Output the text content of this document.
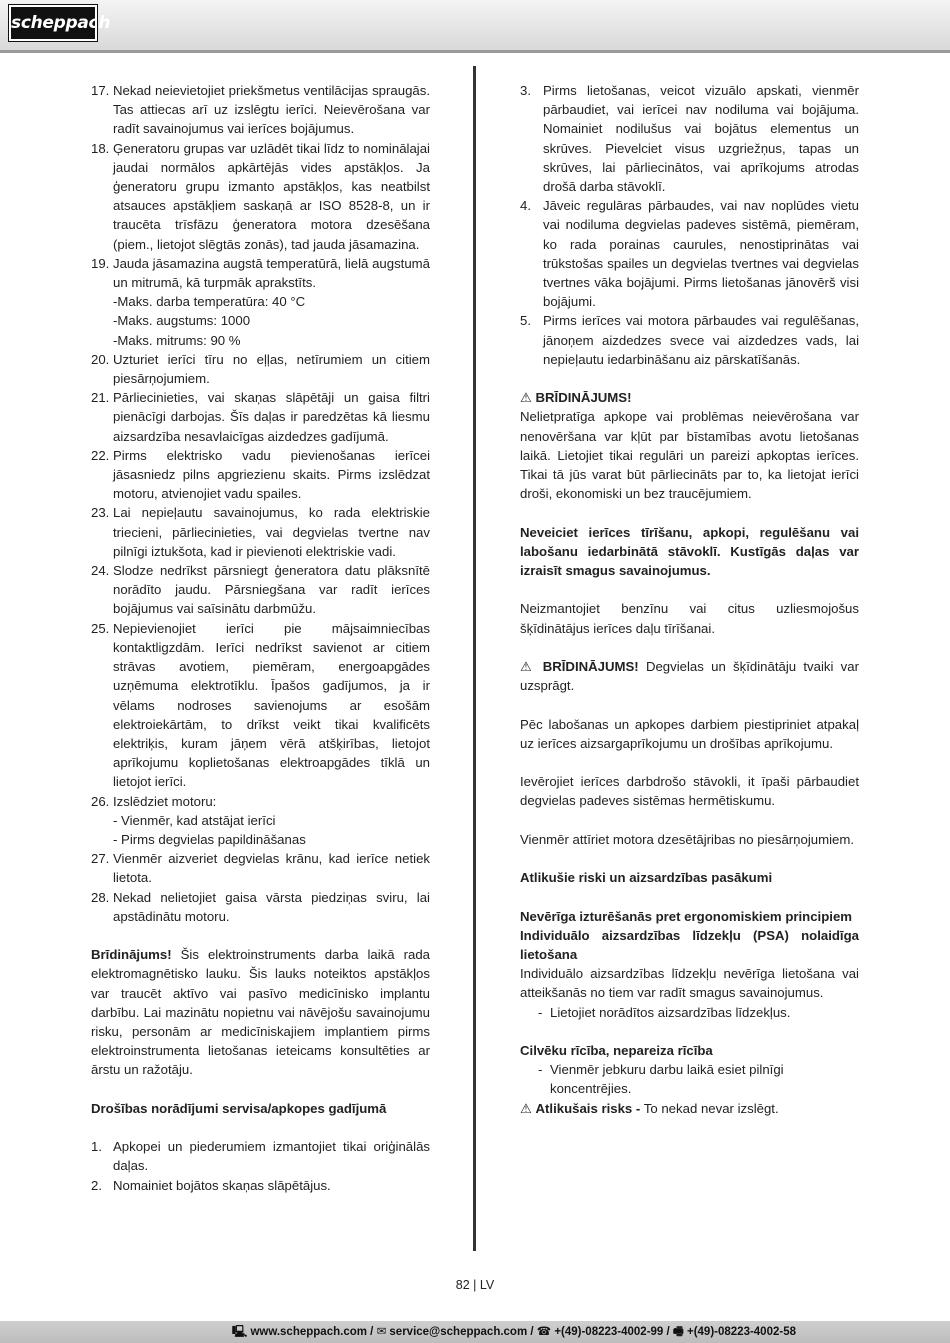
scheppach
17. Nekad neievietojiet priekšmetus ventilācijas spraugās. Tas attiecas arī uz izslēgtu ierīci. Neievērošana var radīt savainojumus vai ierīces bojājumus.
18. Ģeneratoru grupas var uzlādēt tikai līdz to nominālajai jaudai normālos apkārtējās vides apstākļos. Ja ģeneratoru grupu izmanto apstākļos, kas neatbilst atsauces apstākļiem saskaņā ar ISO 8528-8, un ir traucēta trīsfāzu ģeneratora motora dzesēšana (piem., lietojot slēgtās zonās), tad jauda jāsamazina.
19. Jauda jāsamazina augstā temperatūrā, lielā augstumā un mitrumā, kā turpmāk aprakstīts.
-Maks. darba temperatūra: 40 °C
-Maks. augstums: 1000
-Maks. mitrums: 90 %
20. Uzturiet ierīci tīru no eļļas, netīrumiem un citiem piesārņojumiem.
21. Pārliecinieties, vai skaņas slāpētāji un gaisa filtri pienācīgi darbojas. Šīs daļas ir paredzētas kā liesmu aizsardzība nesavlaicīgas aizdedzes gadījumā.
22. Pirms elektrisko vadu pievienošanas ierīcei jāsasniedz pilns apgriezienu skaits. Pirms izslēdzat motoru, atvienojiet vadu spailes.
23. Lai nepieļautu savainojumus, ko rada elektriskie triecieni, pārliecinieties, vai degvielas tvertne nav pilnīgi iztukšota, kad ir pievienoti elektriskie vadi.
24. Slodze nedrīkst pārsniegt ģeneratora datu plāksnītē norādīto jaudu. Pārsniegšana var radīt ierīces bojājumus vai saīsinātu darbmūžu.
25. Nepievienojiet ierīci pie mājsaimniecības kontaktligzdām. Ierīci nedrīkst savienot ar citiem strāvas avotiem, piemēram, energoapgādes uzņēmuma elektrotīklu. Īpašos gadījumos, ja ir vēlams nodroses savienojums ar esošām elektroiekārtām, to drīkst veikt tikai kvalificēts elektriķis, kuram jāņem vērā atšķirības, lietojot aprīkojumu koplietošanas elektroapgādes tīklā un lietojot ierīci.
26. Izslēdziet motoru:
- Vienmēr, kad atstājat ierīci
- Pirms degvielas papildināšanas
27. Vienmēr aizveriet degvielas krānu, kad ierīce netiek lietota.
28. Nekad nelietojiet gaisa vārsta piedziņas sviru, lai apstādinātu motoru.

Brīdinājums! Šis elektroinstruments darba laikā rada elektromagnētisko lauku. Šis lauks noteiktos apstākļos var traucēt aktīvo vai pasīvo medicīnisko implantu darbību. Lai mazinātu nopietnu vai nāvējošu savainojumu risku, personām ar medicīniskajiem implantiem pirms elektroinstrumenta lietošanas ieteicams konsultēties ar ārstu un ražotāju.

Drošības norādījumi servisa/apkopes gadījumā

1. Apkopei un piederumiem izmantojiet tikai oriģinālās daļas.
2. Nomainiet bojātos skaņas slāpētājus.
3. Pirms lietošanas, veicot vizuālo apskati, vienmēr pārbaudiet, vai ierīcei nav nodiluma vai bojājuma. Nomainiet nodilušus vai bojātus elementus un skrūves. Pievelciet visus uzgriežņus, tapas un skrūves, lai pārliecinātos, vai aprīkojums atrodas drošā darba stāvoklī.
4. Jāveic regulāras pārbaudes, vai nav noplūdes vietu vai nodiluma degvielas padeves sistēmā, piemēram, ko rada porainas caurules, nenostiprinātas vai trūkstošas spailes un degvielas tvertnes vai degvielas tvertnes vāka bojājumi. Pirms lietošanas jānovērš visi bojājumi.
5. Pirms ierīces vai motora pārbaudes vai regulēšanas, jānoņem aizdedzes svece vai aizdedzes vads, lai nepieļautu iedarbināšanu aiz pārskatīšanās.

⚠ BRĪDINĀJUMS!

Nelietpratīga apkope vai problēmas neievērošana var nenovēršana var kļūt par bīstamības avotu lietošanas laikā. Lietojiet tikai regulāri un pareizi apkoptas ierīces. Tikai tā jūs varat būt pārliecināts par to, ka lietojat ierīci droši, ekonomiski un bez traucējumiem.

Neveiciet ierīces tīrīšanu, apkopi, regulēšanu vai labošanu iedarbinātā stāvoklī. Kustīgās daļas var izraisīt smagus savainojumus.

Neizmantojiet benzīnu vai citus uzliesmojošus šķīdinātājus ierīces daļu tīrīšanai.

⚠ BRĪDINĀJUMS! Degvielas un šķīdinātāju tvaiki var uzsprāgt.

Pēc labošanas un apkopes darbiem piestipriniet atpakaļ uz ierīces aizsargaprīkojumu un drošības aprīkojumu.

Ievērojiet ierīces darbdrošo stāvokli, it īpaši pārbaudiet degvielas padeves sistēmas hermētiskumu.

Vienmēr attīriet motora dzesētājribas no piesārņojumiem.

Atlikušie riski un aizsardzības pasākumi

Nevērīga izturēšanās pret ergonomiskiem principiem

Individuālo aizsardzības līdzekļu (PSA) nolaidīga lietošana

Individuālo aizsardzības līdzekļu nevērīga lietošana vai atteikšanās no tiem var radīt smagus savainojumus.

- Lietojiet norādītos aizsardzības līdzekļus.

Cilvēku rīcība, nepareiza rīcība

- Vienmēr jebkuru darbu laikā esiet pilnīgi koncentrējies.

⚠ Atlikušais risks - To nekad nevar izslēgt.

82 | LV
🖳 www.scheppach.com / ✉ service@scheppach.com / ☎ +(49)-08223-4002-99 / 🖷 +(49)-08223-4002-58
